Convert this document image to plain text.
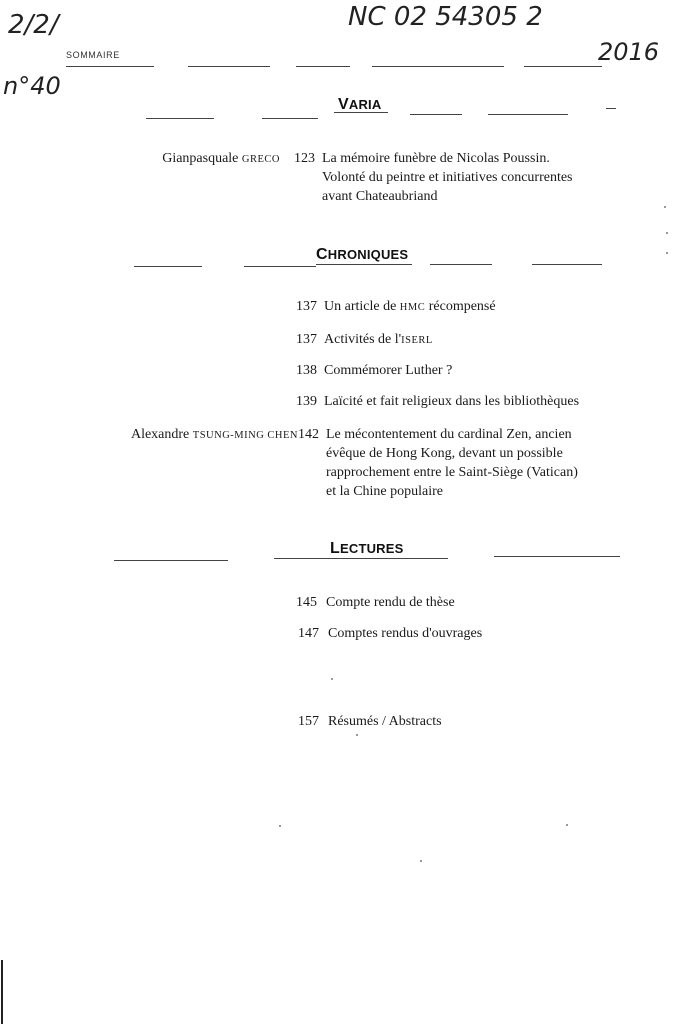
2/2/	NC 02 54305 2
n°40
2016
SOMMAIRE
VARIA
Gianpasquale GRECO 123 La mémoire funèbre de Nicolas Poussin.
Volonté du peintre et initiatives concurrentes
avant Chateaubriand
CHRONIQUES
137 Un article de HMC récompensé
137 Activités de l'ISERL
138 Commémorer Luther ?
139 Laïcité et fait religieux dans les bibliothèques
Alexandre TSUNG-MING CHEN 142 Le mécontentement du cardinal Zen, ancien
évêque de Hong Kong, devant un possible
rapprochement entre le Saint-Siège (Vatican)
et la Chine populaire
LECTURES
145 Compte rendu de thèse
147 Comptes rendus d'ouvrages
157 Résumés / Abstracts
